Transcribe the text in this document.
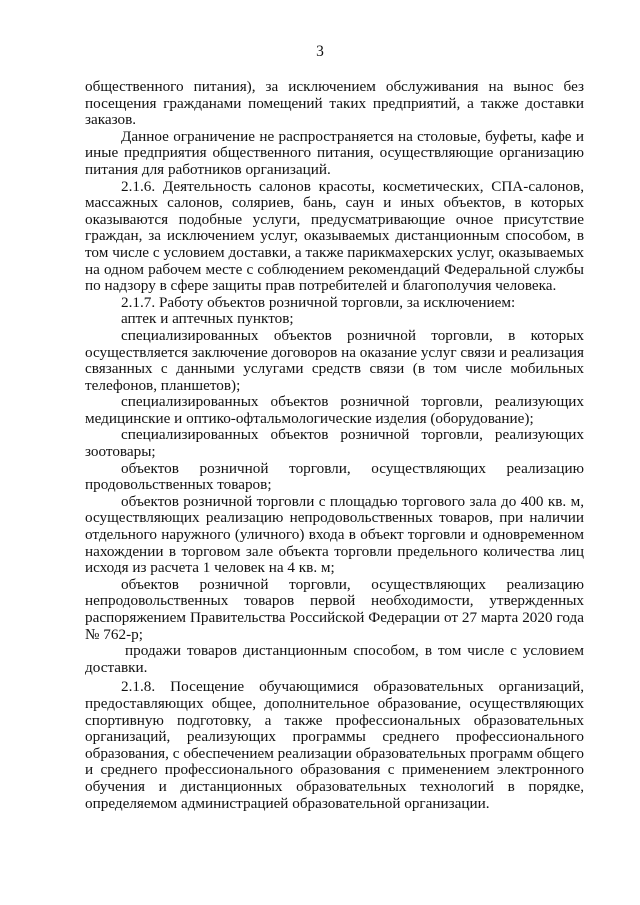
3

общественного питания), за исключением обслуживания на вынос без посещения гражданами помещений таких предприятий, а также доставки заказов.

Данное ограничение не распространяется на столовые, буфеты, кафе и иные предприятия общественного питания, осуществляющие организацию питания для работников организаций.

2.1.6. Деятельность салонов красоты, косметических, СПА-салонов, массажных салонов, соляриев, бань, саун и иных объектов, в которых оказываются подобные услуги, предусматривающие очное присутствие граждан, за исключением услуг, оказываемых дистанционным способом, в том числе с условием доставки, а также парикмахерских услуг, оказываемых на одном рабочем месте с соблюдением рекомендаций Федеральной службы по надзору в сфере защиты прав потребителей и благополучия человека.

2.1.7. Работу объектов розничной торговли, за исключением:

аптек и аптечных пунктов;

специализированных объектов розничной торговли, в которых осуществляется заключение договоров на оказание услуг связи и реализация связанных с данными услугами средств связи (в том числе мобильных телефонов, планшетов);

специализированных объектов розничной торговли, реализующих медицинские и оптико-офтальмологические изделия (оборудование);

специализированных объектов розничной торговли, реализующих зоотовары;

объектов розничной торговли, осуществляющих реализацию продовольственных товаров;

объектов розничной торговли с площадью торгового зала до 400 кв. м, осуществляющих реализацию непродовольственных товаров, при наличии отдельного наружного (уличного) входа в объект торговли и одновременном нахождении в торговом зале объекта торговли предельного количества лиц исходя из расчета 1 человек на 4 кв. м;

объектов розничной торговли, осуществляющих реализацию непродовольственных товаров первой необходимости, утвержденных распоряжением Правительства Российской Федерации от 27 марта 2020 года № 762-р;

продажи товаров дистанционным способом, в том числе с условием доставки.

2.1.8. Посещение обучающимися образовательных организаций, предоставляющих общее, дополнительное образование, осуществляющих спортивную подготовку, а также профессиональных образовательных организаций, реализующих программы среднего профессионального образования, с обеспечением реализации образовательных программ общего и среднего профессионального образования с применением электронного обучения и дистанционных образовательных технологий в порядке, определяемом администрацией образовательной организации.
